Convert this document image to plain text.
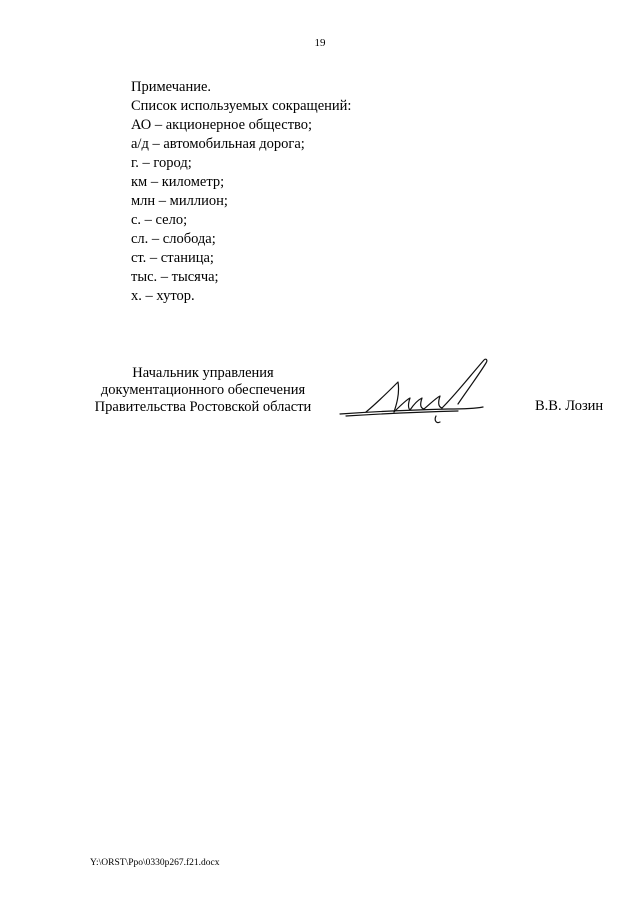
19
Примечание.
Список используемых сокращений:
АО – акционерное общество;
а/д – автомобильная дорога;
г. – город;
км – километр;
млн – миллион;
с. – село;
сл. – слобода;
ст. – станица;
тыс. – тысяча;
х. – хутор.
Начальник управления
документационного обеспечения
Правительства Ростовской области	В.В. Лозин
Y:\ORST\Ppo\0330p267.f21.docx
